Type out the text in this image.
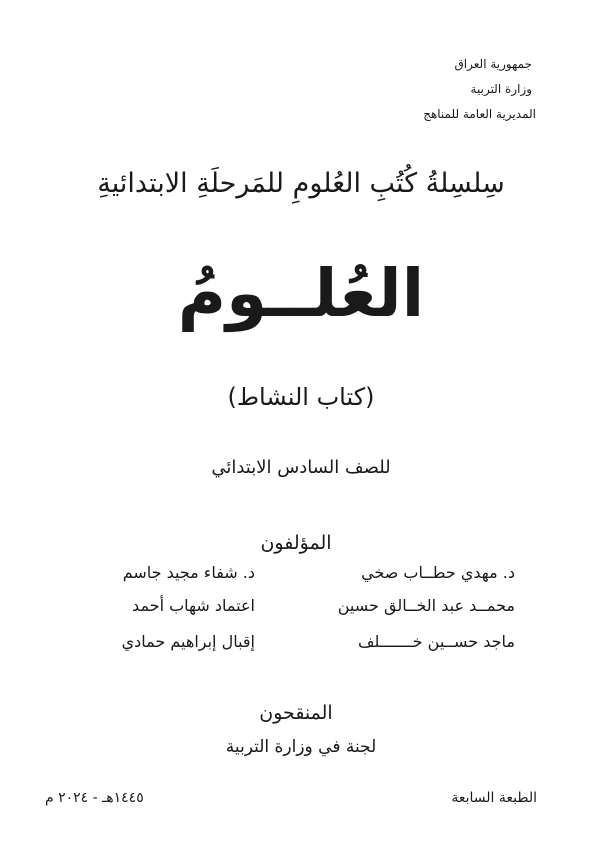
جمهورية العراق
وزارة التربية
المديرية العامة للمناهج
سِلسِلةُ كُتُبِ العُلومِ للمَرحلَةِ الابتدائيةِ
العُلــومُ
(كتاب النشاط)
للصف السادس الابتدائي
المؤلفون
د. مهدي حطــاب صخي
د. شفاء مجيد جاسم
محمــد عبد الخــالق حسين
اعتماد شهاب أحمد
ماجد حســين خـــــــلف
إقبال إبراهيم حمادي
المنقحون
لجنة في وزارة التربية
الطبعة السابعة
١٤٤٥هـ - ٢٠٢٤ م
